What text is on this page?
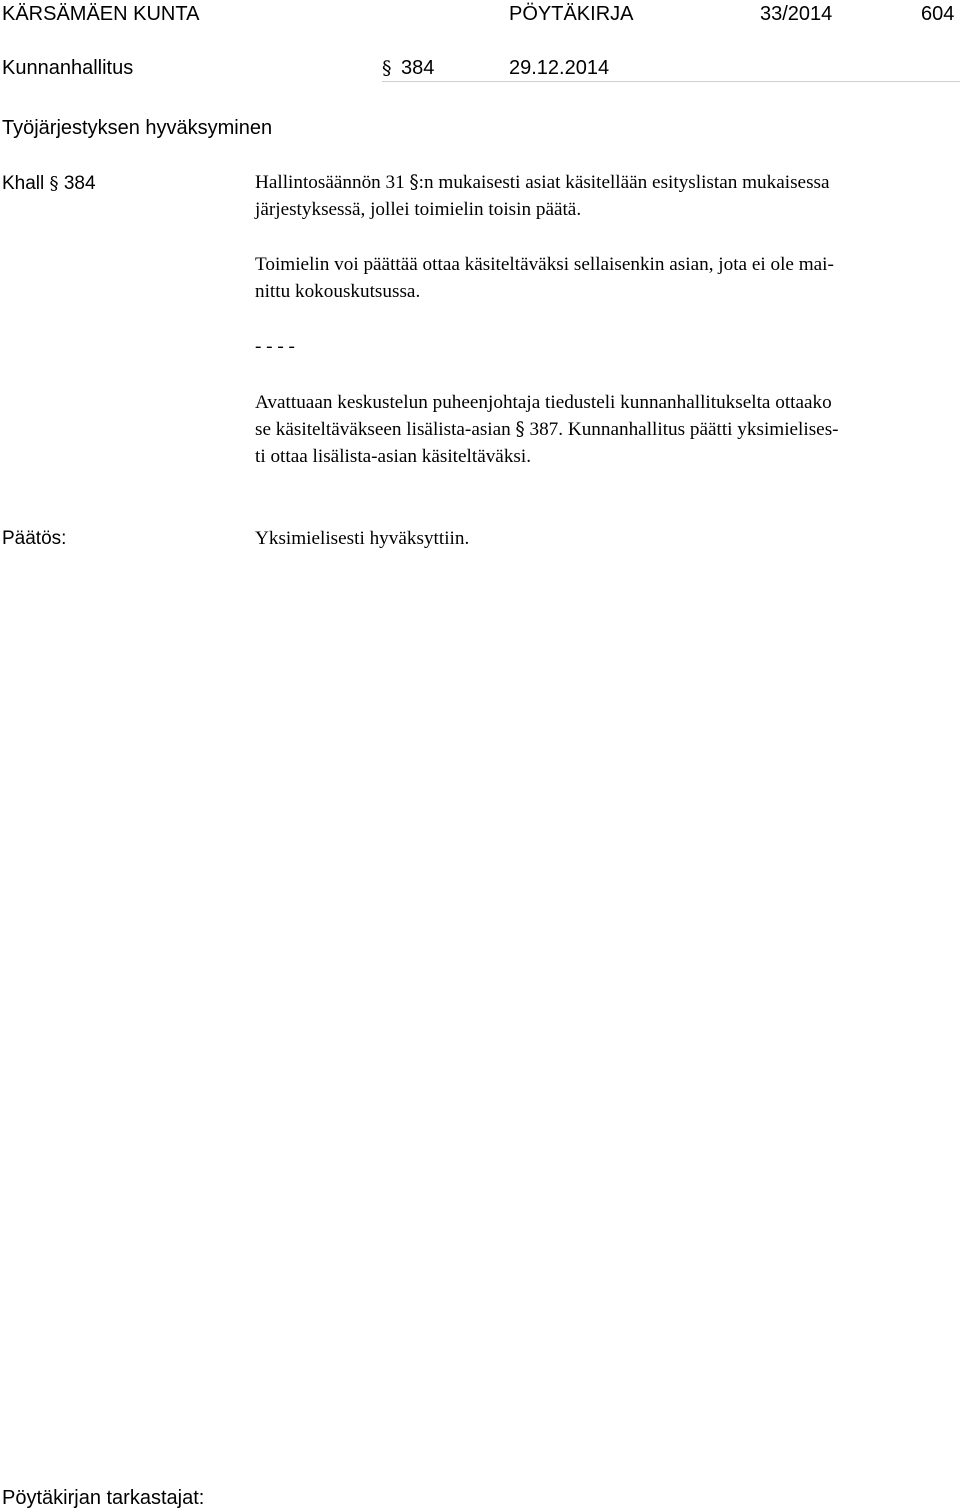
KÄRSÄMÄEN KUNTA	PÖYTÄKIRJA	33/2014	604
Kunnanhallitus	§ 384	29.12.2014
Työjärjestyksen hyväksyminen
Khall § 384	Hallintosäännön 31 §:n mukaisesti asiat käsitellään esityslistan mukaisessa
järjestyksessä, jollei toimielin toisin päätä.
Toimielin voi päättää ottaa käsiteltäväksi sellaisenkin asian, jota ei ole mai-
nittu kokouskutsussa.
- - - -
Avattuaan keskustelun puheenjohtaja tiedusteli kunnanhallitukselta ottaako
se käsiteltäväkseen lisälista-asian § 387. Kunnanhallitus päätti yksimielises-
ti ottaa lisälista-asian käsiteltäväksi.
Päätös:	Yksimielisesti hyväksyttiin.
Pöytäkirjan tarkastajat:
